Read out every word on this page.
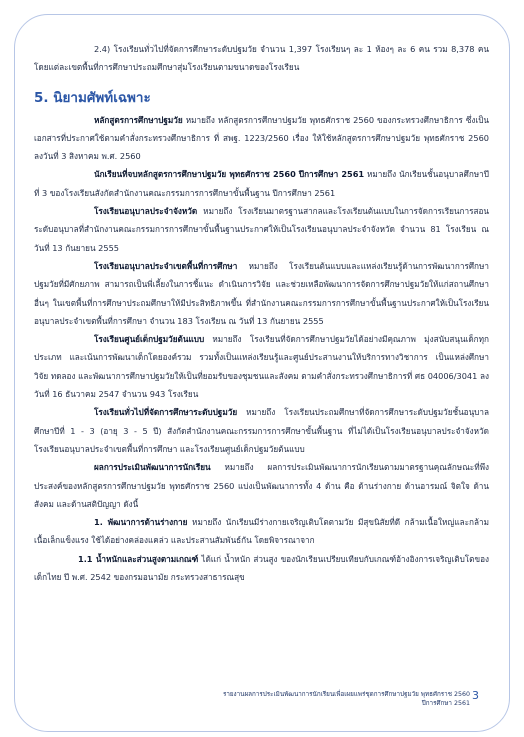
2.4) โรงเรียนทั่วไปที่จัดการศึกษาระดับปฐมวัย จำนวน 1,397 โรงเรียนๆ ละ 1 ห้องๆ ละ 6 คน รวม 8,378 คน โดยแต่ละเขตพื้นที่การศึกษาประถมศึกษาสุ่มโรงเรียนตามขนาดของโรงเรียน

5. นิยามศัพท์เฉพาะ

หลักสูตรการศึกษาปฐมวัย หมายถึง หลักสูตรการศึกษาปฐมวัย พุทธศักราช 2560 ของกระทรวงศึกษาธิการ ซึ่งเป็นเอกสารที่ประกาศใช้ตามคำสั่งกระทรวงศึกษาธิการ ที่ สพฐ. 1223/2560 เรื่อง ให้ใช้หลักสูตรการศึกษาปฐมวัย พุทธศักราช 2560 ลงวันที่ 3 สิงหาคม พ.ศ. 2560

นักเรียนที่จบหลักสูตรการศึกษาปฐมวัย พุทธศักราช 2560 ปีการศึกษา 2561 หมายถึง นักเรียนชั้นอนุบาลศึกษาปีที่ 3 ของโรงเรียนสังกัดสำนักงานคณะกรรมการการศึกษาขั้นพื้นฐาน ปีการศึกษา 2561

โรงเรียนอนุบาลประจำจังหวัด หมายถึง โรงเรียนมาตรฐานสากลและโรงเรียนต้นแบบในการจัดการเรียนการสอนระดับอนุบาลที่สำนักงานคณะกรรมการการศึกษาขั้นพื้นฐานประกาศให้เป็นโรงเรียนอนุบาลประจำจังหวัด จำนวน 81 โรงเรียน ณ วันที่ 13 กันยายน 2555

โรงเรียนอนุบาลประจำเขตพื้นที่การศึกษา หมายถึง โรงเรียนต้นแบบและแหล่งเรียนรู้ด้านการพัฒนาการศึกษาปฐมวัยที่มีศักยภาพ สามารถเป็นพี่เลี้ยงในการชี้แนะ ดำเนินการวิจัย และช่วยเหลือพัฒนาการจัดการศึกษาปฐมวัยให้แก่สถานศึกษาอื่นๆ ในเขตพื้นที่การศึกษาประถมศึกษาให้มีประสิทธิภาพขึ้น ที่สำนักงานคณะกรรมการการศึกษาขั้นพื้นฐานประกาศให้เป็นโรงเรียนอนุบาลประจำเขตพื้นที่การศึกษา จำนวน 183 โรงเรียน ณ วันที่ 13 กันยายน 2555

โรงเรียนศูนย์เด็กปฐมวัยต้นแบบ หมายถึง โรงเรียนที่จัดการศึกษาปฐมวัยได้อย่างมีคุณภาพ มุ่งสนับสนุนเด็กทุกประเภท และเน้นการพัฒนาเด็กโดยองค์รวม รวมทั้งเป็นแหล่งเรียนรู้และศูนย์ประสานงานให้บริการทางวิชาการ เป็นแหล่งศึกษา วิจัย ทดลอง และพัฒนาการศึกษาปฐมวัยให้เป็นที่ยอมรับของชุมชนและสังคม ตามคำสั่งกระทรวงศึกษาธิการที่ ศธ 04006/3041 ลงวันที่ 16 ธันวาคม 2547 จำนวน 943 โรงเรียน

โรงเรียนทั่วไปที่จัดการศึกษาระดับปฐมวัย หมายถึง โรงเรียนประถมศึกษาที่จัดการศึกษาระดับปฐมวัยชั้นอนุบาลศึกษาปีที่ 1 - 3 (อายุ 3 - 5 ปี) สังกัดสำนักงานคณะกรรมการการศึกษาขั้นพื้นฐาน ที่ไม่ได้เป็นโรงเรียนอนุบาลประจำจังหวัด โรงเรียนอนุบาลประจำเขตพื้นที่การศึกษา และโรงเรียนศูนย์เด็กปฐมวัยต้นแบบ

ผลการประเมินพัฒนาการนักเรียน หมายถึง ผลการประเมินพัฒนาการนักเรียนตามมาตรฐานคุณลักษณะที่พึงประสงค์ของหลักสูตรการศึกษาปฐมวัย พุทธศักราช 2560 แบ่งเป็นพัฒนาการทั้ง 4 ด้าน คือ ด้านร่างกาย ด้านอารมณ์ จิตใจ ด้านสังคม และด้านสติปัญญา ดังนี้

1. พัฒนาการด้านร่างกาย หมายถึง นักเรียนมีร่างกายเจริญเติบโตตามวัย มีสุขนิสัยที่ดี กล้ามเนื้อใหญ่และกล้ามเนื้อเล็กแข็งแรง ใช้ได้อย่างคล่องแคล่ว และประสานสัมพันธ์กัน โดยพิจารณาจาก

1.1 น้ำหนักและส่วนสูงตามเกณฑ์ ได้แก่ น้ำหนัก ส่วนสูง ของนักเรียนเปรียบเทียบกับเกณฑ์อ้างอิงการเจริญเติบโตของเด็กไทย ปี พ.ศ. 2542 ของกรมอนามัย กระทรวงสาธารณสุข

รายงานผลการประเมินพัฒนาการนักเรียนเพื่อเผยแพร่ชุดการศึกษาปฐมวัย พุทธศักราช 2560
ปีการศึกษา 2561
3
